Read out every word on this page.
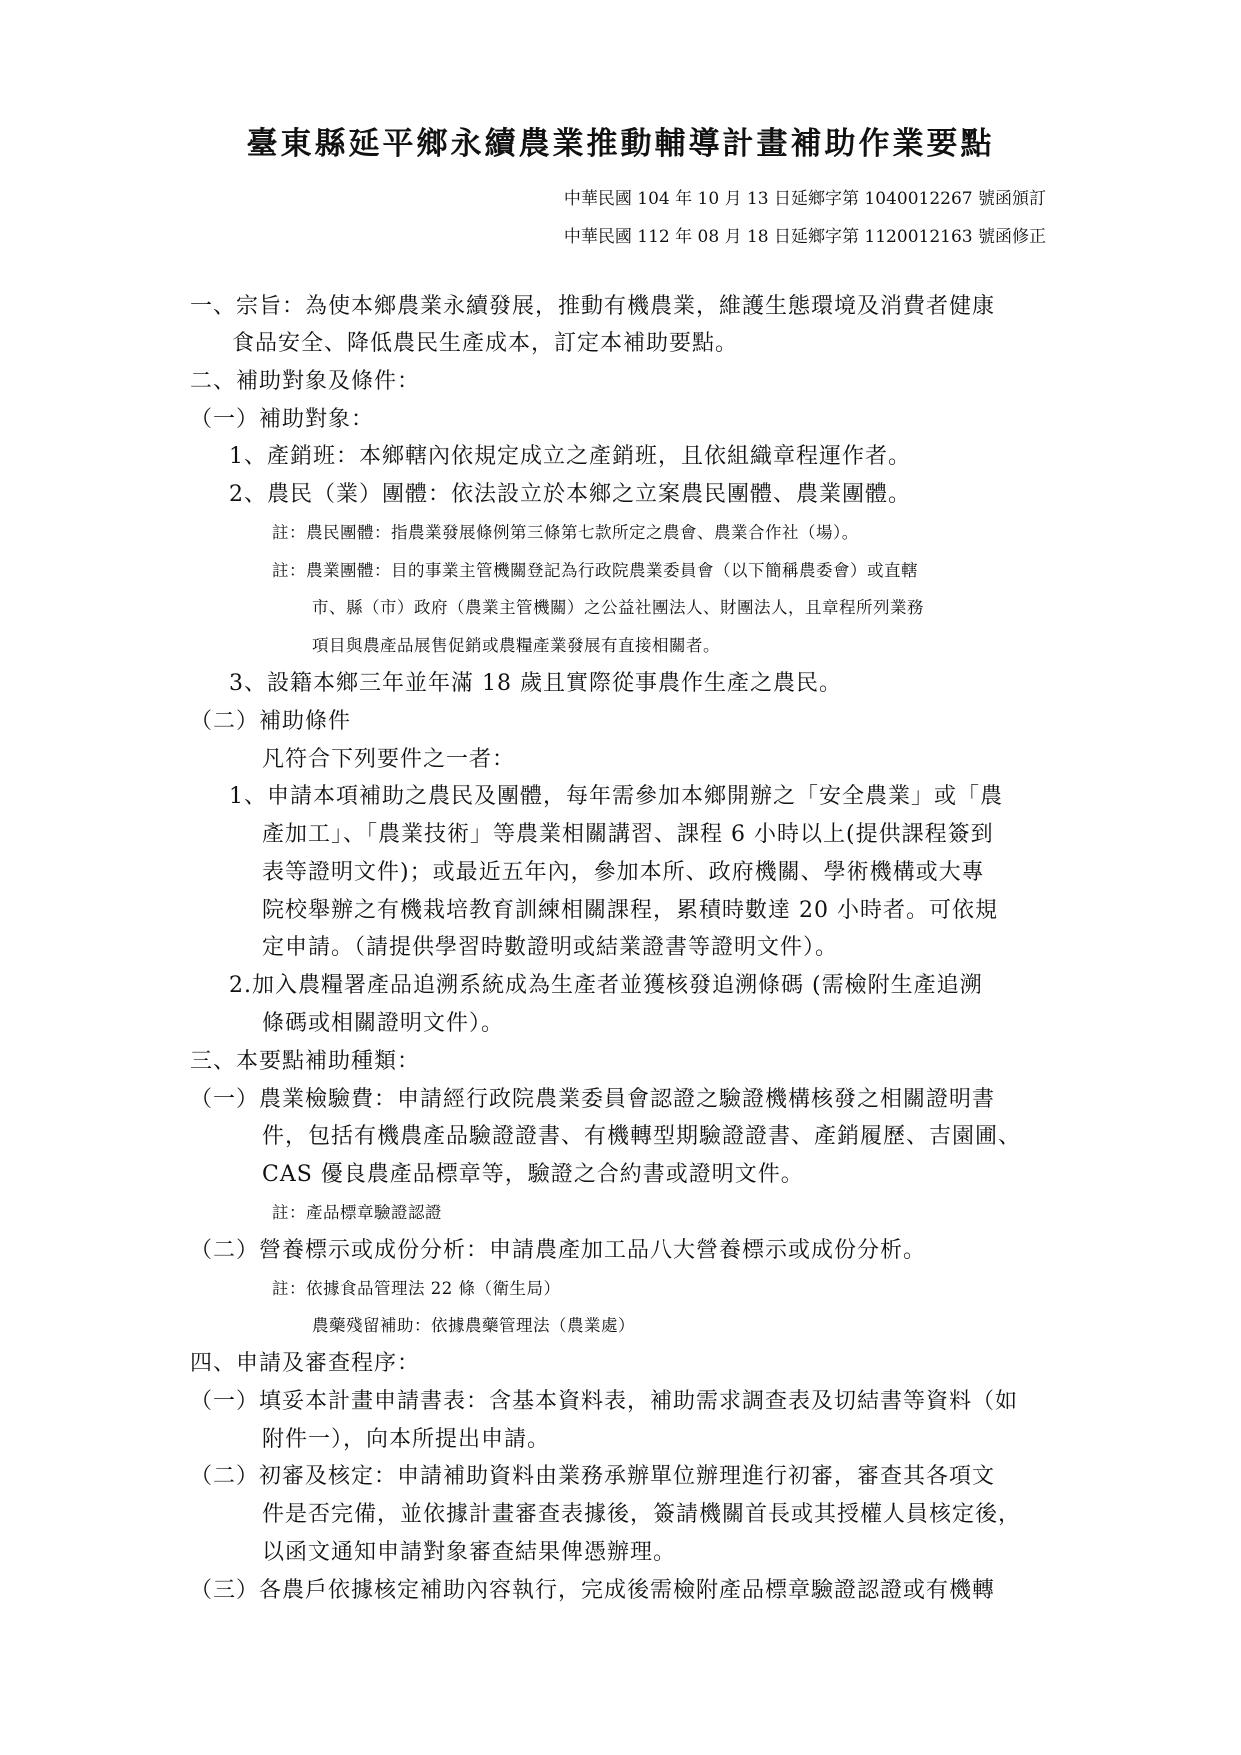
臺東縣延平鄉永續農業推動輔導計畫補助作業要點
中華民國 104 年 10 月 13 日延鄉字第 1040012267 號函頒訂
中華民國 112 年 08 月 18 日延鄉字第 1120012163 號函修正
一、宗旨：為使本鄉農業永續發展，推動有機農業，維護生態環境及消費者健康
食品安全、降低農民生產成本，訂定本補助要點。
二、補助對象及條件：
（一）補助對象：
1、產銷班：本鄉轄內依規定成立之產銷班，且依組織章程運作者。
2、農民（業）團體：依法設立於本鄉之立案農民團體、農業團體。
註：農民團體：指農業發展條例第三條第七款所定之農會、農業合作社（場）。
註：農業團體：目的事業主管機關登記為行政院農業委員會（以下簡稱農委會）或直轄
市、縣（市）政府（農業主管機關）之公益社團法人、財團法人，且章程所列業務
項目與農產品展售促銷或農糧產業發展有直接相關者。
3、設籍本鄉三年並年滿 18 歲且實際從事農作生產之農民。
（二）補助條件
凡符合下列要件之一者：
1、申請本項補助之農民及團體，每年需參加本鄉開辦之「安全農業」或「農
產加工」、「農業技術」等農業相關講習、課程 6 小時以上(提供課程簽到
表等證明文件)；或最近五年內，參加本所、政府機關、學術機構或大專
院校舉辦之有機栽培教育訓練相關課程，累積時數達 20 小時者。可依規
定申請。（請提供學習時數證明或結業證書等證明文件）。
2.加入農糧署產品追溯系統成為生產者並獲核發追溯條碼 (需檢附生產追溯
條碼或相關證明文件）。
三、本要點補助種類：
（一）農業檢驗費：申請經行政院農業委員會認證之驗證機構核發之相關證明書
件，包括有機農產品驗證證書、有機轉型期驗證證書、產銷履歷、吉園圃、
CAS 優良農產品標章等，驗證之合約書或證明文件。
註：產品標章驗證認證
（二）營養標示或成份分析：申請農產加工品八大營養標示或成份分析。
註：依據食品管理法 22 條（衛生局）
農藥殘留補助：依據農藥管理法（農業處）
四、申請及審查程序：
（一）填妥本計畫申請書表：含基本資料表，補助需求調查表及切結書等資料（如
附件一），向本所提出申請。
（二）初審及核定：申請補助資料由業務承辦單位辦理進行初審，審查其各項文
件是否完備，並依據計畫審查表據後，簽請機關首長或其授權人員核定後，
以函文通知申請對象審查結果俾憑辦理。
（三）各農戶依據核定補助內容執行，完成後需檢附產品標章驗證認證或有機轉
